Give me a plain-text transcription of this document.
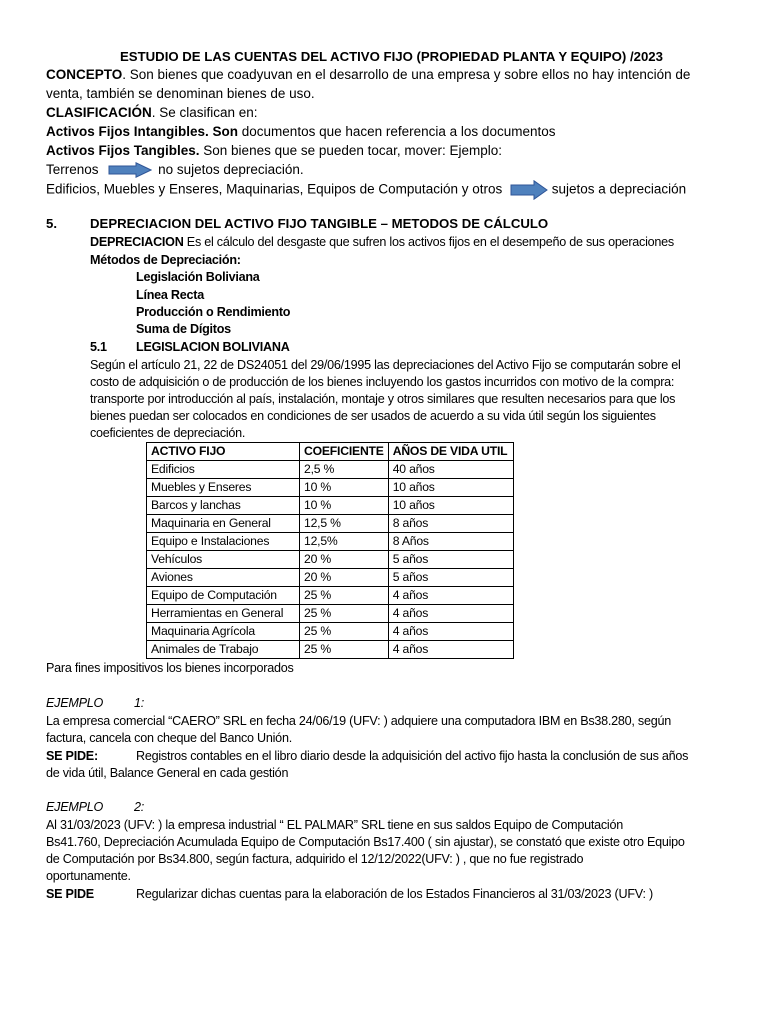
ESTUDIO DE LAS CUENTAS DEL ACTIVO FIJO (PROPIEDAD PLANTA Y EQUIPO) /2023
CONCEPTO. Son bienes que coadyuvan en el desarrollo de una empresa y sobre ellos no hay intención de
venta, también se denominan bienes de uso.
CLASIFICACIÓN. Se clasifican en:
Activos Fijos Intangibles. Son documentos que hacen referencia a los documentos
Activos Fijos Tangibles. Son bienes que se pueden tocar, mover: Ejemplo:
Terrenos	no sujetos depreciación.
Edificios, Muebles y Enseres, Maquinarias, Equipos de Computación y otros	sujetos a depreciación
5.	DEPRECIACION DEL ACTIVO FIJO TANGIBLE – METODOS DE CÁLCULO
DEPRECIACION Es el cálculo del desgaste que sufren los activos fijos en el desempeño de sus operaciones
Métodos de Depreciación:
Legislación Boliviana
Línea Recta
Producción o Rendimiento
Suma de Dígitos
5.1 LEGISLACION BOLIVIANA
Según el artículo 21, 22 de DS24051 del 29/06/1995 las depreciaciones del Activo Fijo se computarán sobre el
costo de adquisición o de producción de los bienes incluyendo los gastos incurridos con motivo de la compra:
transporte por introducción al país, instalación, montaje y otros similares que resulten necesarios para que los
bienes puedan ser colocados en condiciones de ser usados de acuerdo a su vida útil según los siguientes
coeficientes de depreciación.
ACTIVO FIJO	COEFICIENTE	AÑOS DE VIDA UTIL
Edificios	2,5 %	40 años
Muebles y Enseres	10 %	10 años
Barcos y lanchas	10 %	10 años
Maquinaria en General	12,5 %	8 años
Equipo e Instalaciones	12,5%	8 Años
Vehículos	20 %	5 años
Aviones	20 %	5 años
Equipo de Computación	25 %	4 años
Herramientas en General	25 %	4 años
Maquinaria Agrícola	25 %	4 años
Animales de Trabajo	25 %	4 años
Para fines impositivos los bienes incorporados
EJEMPLO 1:
La empresa comercial “CAERO” SRL en fecha 24/06/19 (UFV: ) adquiere una computadora IBM en Bs38.280, según
factura, cancela con cheque del Banco Unión.
SE PIDE:	Registros contables en el libro diario desde la adquisición del activo fijo hasta la conclusión de sus años
de vida útil, Balance General en cada gestión
EJEMPLO 2:
Al 31/03/2023 (UFV: ) la empresa industrial “ EL PALMAR” SRL tiene en sus saldos Equipo de Computación
Bs41.760, Depreciación Acumulada Equipo de Computación Bs17.400 ( sin ajustar), se constató que existe otro Equipo
de Computación por Bs34.800, según factura, adquirido el 12/12/2022(UFV: ) , que no fue registrado
oportunamente.
SE PIDE	Regularizar dichas cuentas para la elaboración de los Estados Financieros al 31/03/2023 (UFV: )
